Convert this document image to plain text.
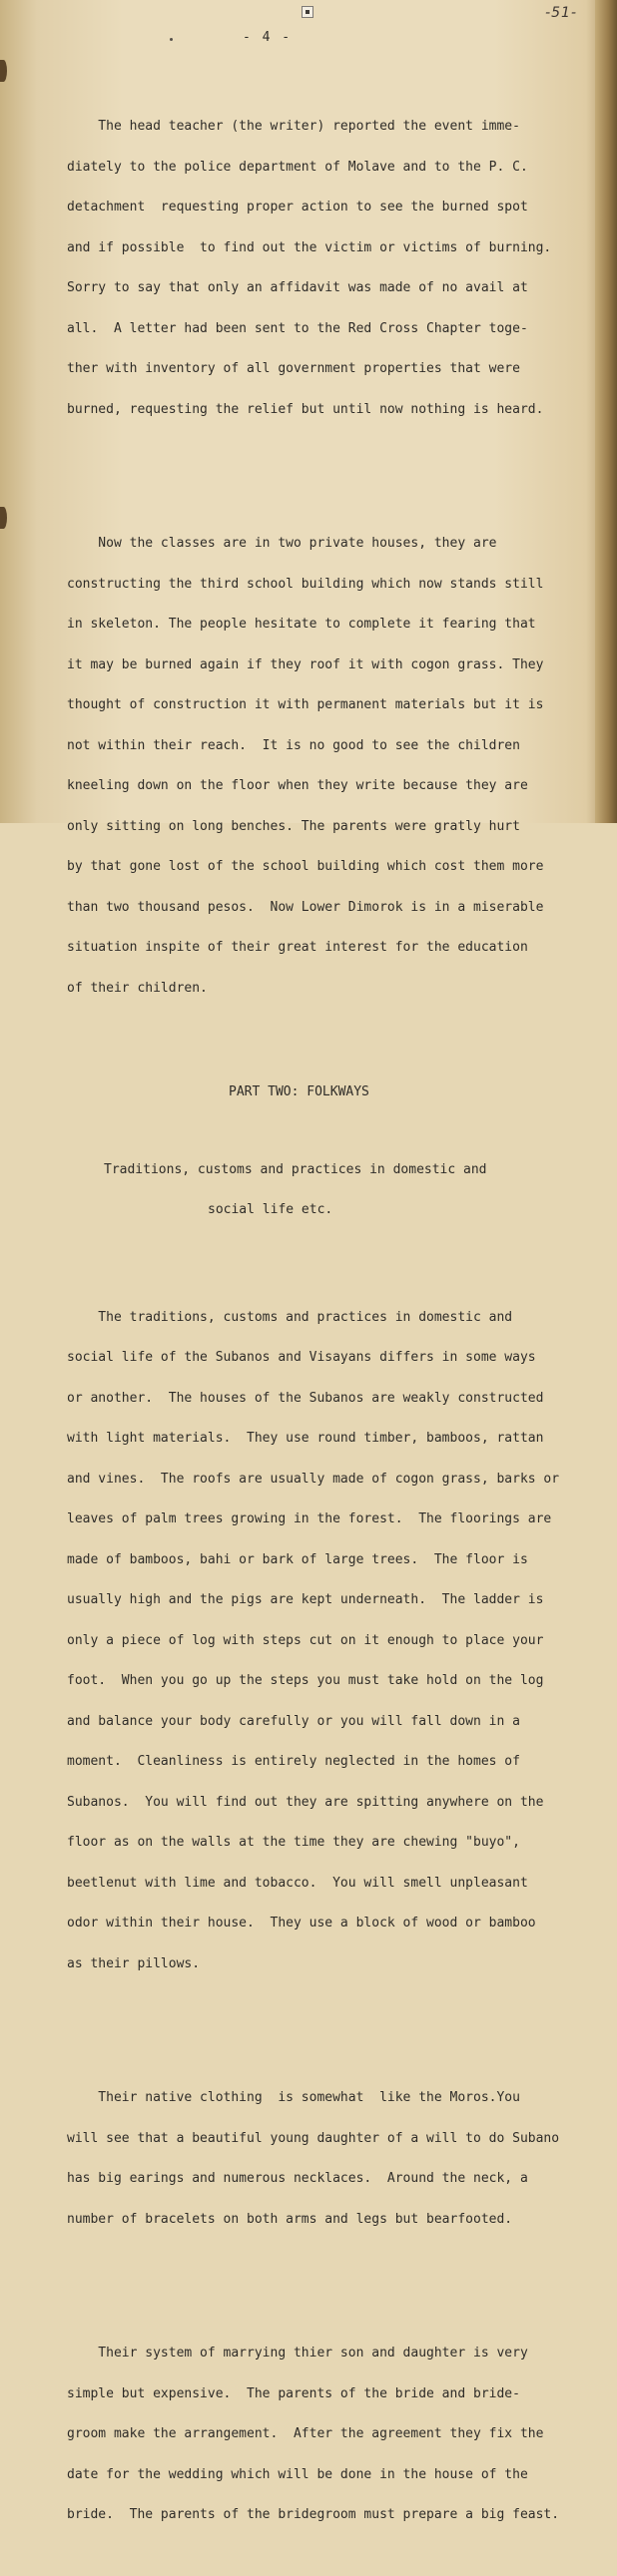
-51-
- 4 -

The head teacher (the writer) reported the event imme-

diately to the police department of Molave and to the P. C.

detachment  requesting proper action to see the burned spot

and if possible  to find out the victim or victims of burning.

Sorry to say that only an affidavit was made of no avail at

all.  A letter had been sent to the Red Cross Chapter toge-

ther with inventory of all government properties that were

burned, requesting the relief but until now nothing is heard.

Now the classes are in two private houses, they are

constructing the third school building which now stands still

in skeleton. The people hesitate to complete it fearing that

it may be burned again if they roof it with cogon grass. They

thought of construction it with permanent materials but it is

not within their reach.  It is no good to see the children

kneeling down on the floor when they write because they are

only sitting on long benches. The parents were gratly hurt

by that gone lost of the school building which cost them more

than two thousand pesos.  Now Lower Dimorok is in a miserable

situation inspite of their great interest for the education

of their children.

PART TWO: FOLKWAYS

Traditions, customs and practices in domestic and

social life etc.

The traditions, customs and practices in domestic and

social life of the Subanos and Visayans differs in some ways

or another.  The houses of the Subanos are weakly constructed

with light materials.  They use round timber, bamboos, rattan

and vines.  The roofs are usually made of cogon grass, barks or

leaves of palm trees growing in the forest.  The floorings are

made of bamboos, bahi or bark of large trees.  The floor is

usually high and the pigs are kept underneath.  The ladder is

only a piece of log with steps cut on it enough to place your

foot.  When you go up the steps you must take hold on the log

and balance your body carefully or you will fall down in a

moment.  Cleanliness is entirely neglected in the homes of

Subanos.  You will find out they are spitting anywhere on the

floor as on the walls at the time they are chewing "buyo",

beetlenut with lime and tobacco.  You will smell unpleasant

odor within their house.  They use a block of wood or bamboo

as their pillows.

Their native clothing  is somewhat  like the Moros.You

will see that a beautiful young daughter of a will to do Subano

has big earings and numerous necklaces.  Around the neck, a

number of bracelets on both arms and legs but bearfooted.

Their system of marrying thier son and daughter is very

simple but expensive.  The parents of the bride and bride-

groom make the arrangement.  After the agreement they fix the

date for the wedding which will be done in the house of the

bride.  The parents of the bridegroom must prepare a big feast.
